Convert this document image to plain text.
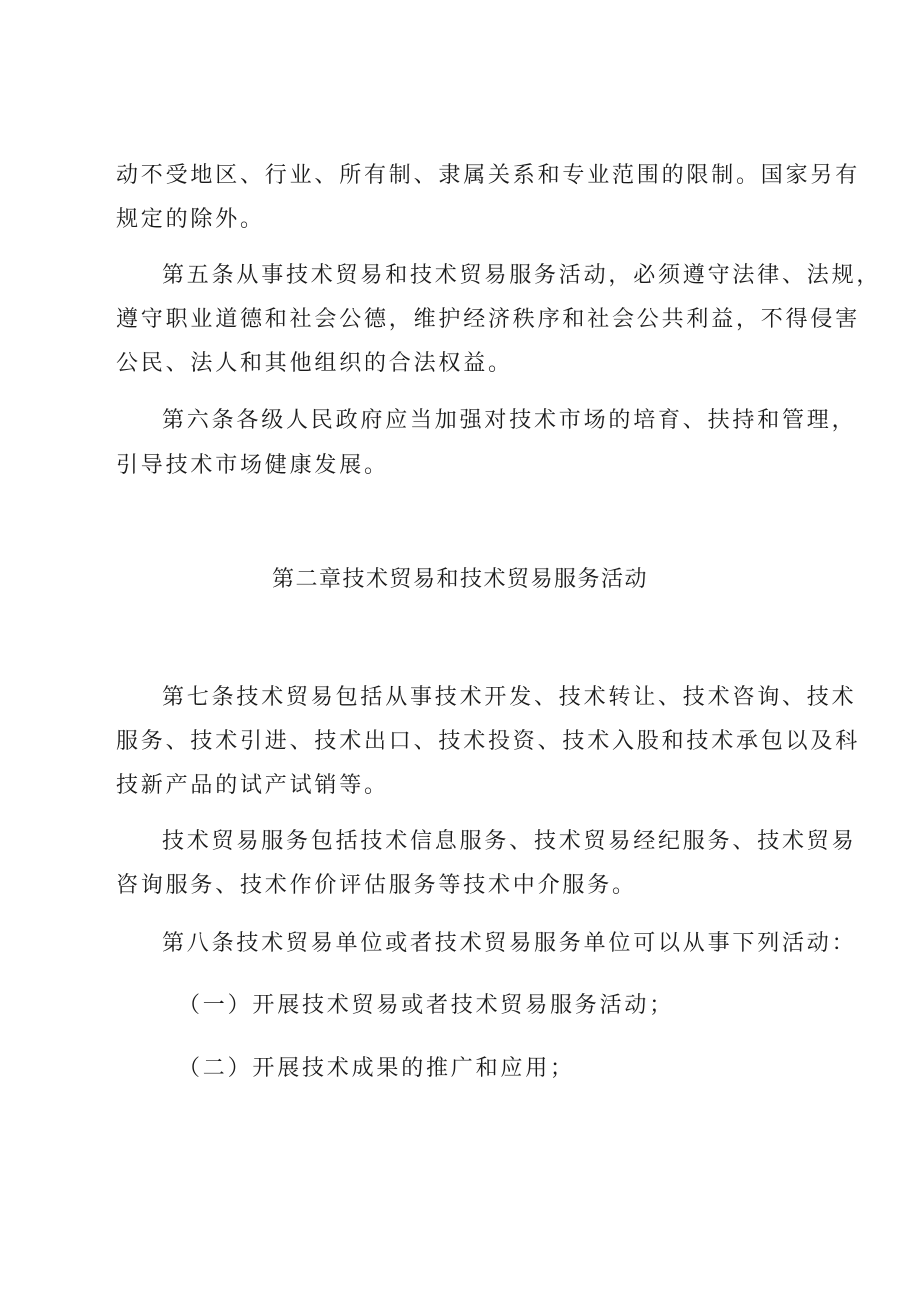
动不受地区、行业、所有制、隶属关系和专业范围的限制。国家另有
规定的除外。
第五条从事技术贸易和技术贸易服务活动，必须遵守法律、法规，
遵守职业道德和社会公德，维护经济秩序和社会公共利益，不得侵害
公民、法人和其他组织的合法权益。
第六条各级人民政府应当加强对技术市场的培育、扶持和管理，
引导技术市场健康发展。
第二章技术贸易和技术贸易服务活动
第七条技术贸易包括从事技术开发、技术转让、技术咨询、技术
服务、技术引进、技术出口、技术投资、技术入股和技术承包以及科
技新产品的试产试销等。
技术贸易服务包括技术信息服务、技术贸易经纪服务、技术贸易
咨询服务、技术作价评估服务等技术中介服务。
第八条技术贸易单位或者技术贸易服务单位可以从事下列活动：
（一）开展技术贸易或者技术贸易服务活动；
（二）开展技术成果的推广和应用；
